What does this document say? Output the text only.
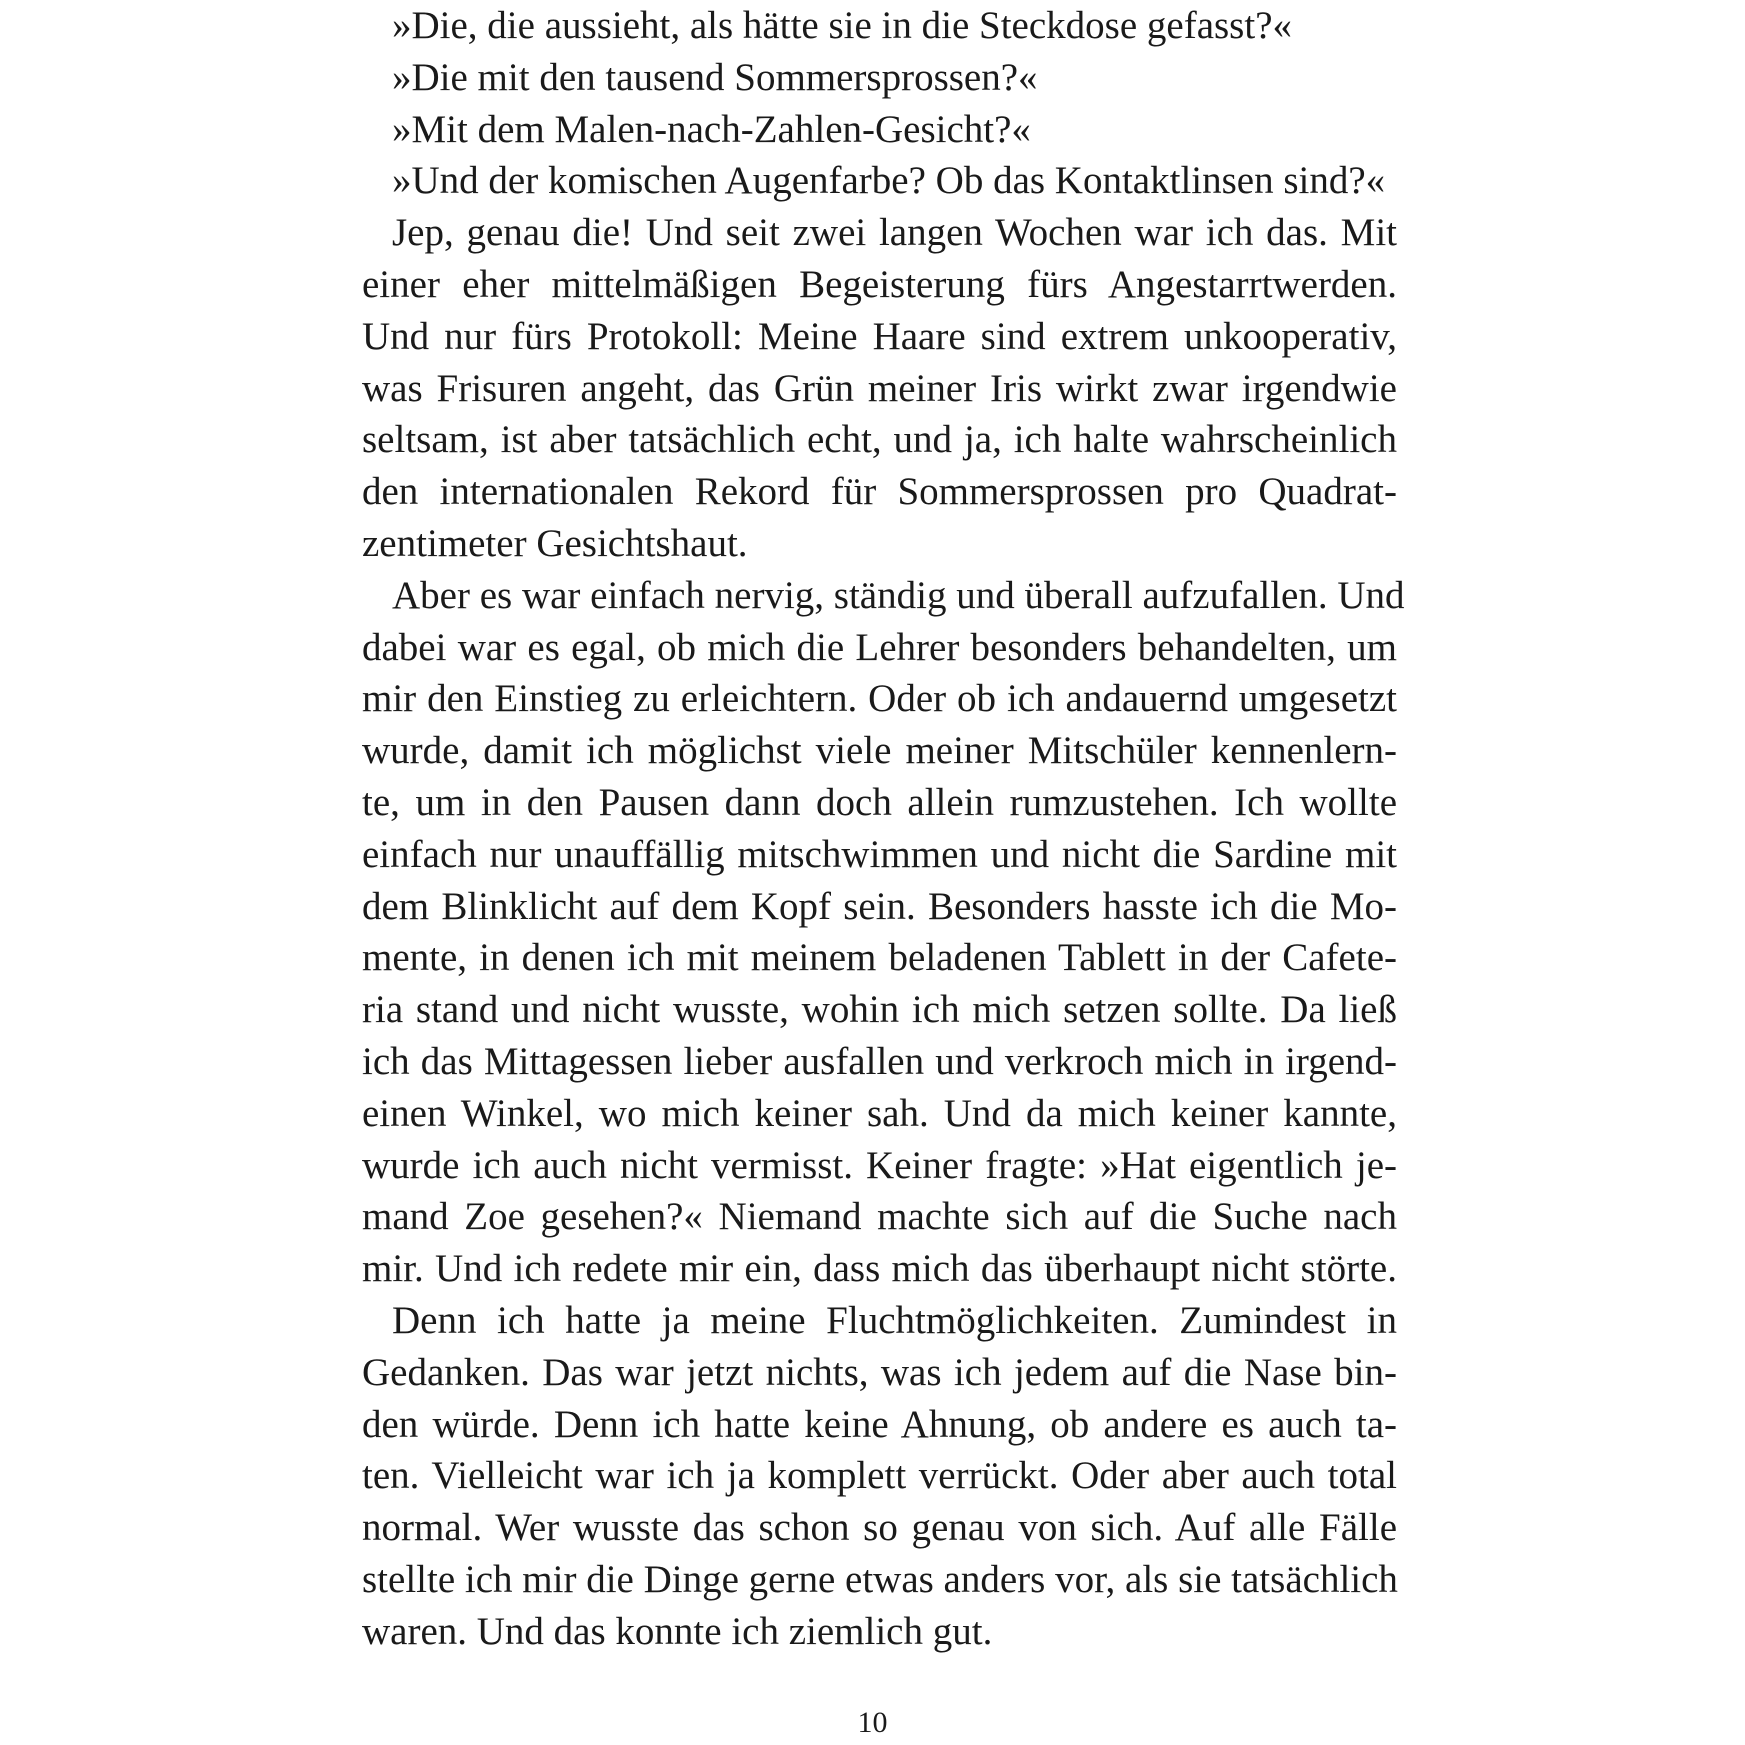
»Die, die aussieht, als hätte sie in die Steckdose gefasst?«
»Die mit den tausend Sommersprossen?«
»Mit dem Malen-nach-Zahlen-Gesicht?«
»Und der komischen Augenfarbe? Ob das Kontaktlinsen sind?«
Jep, genau die! Und seit zwei langen Wochen war ich das. Mit
einer eher mittelmäßigen Begeisterung fürs Angestarrtwerden.
Und nur fürs Protokoll: Meine Haare sind extrem unkooperativ,
was Frisuren angeht, das Grün meiner Iris wirkt zwar irgendwie
seltsam, ist aber tatsächlich echt, und ja, ich halte wahrscheinlich
den internationalen Rekord für Sommersprossen pro Quadrat-
zentimeter Gesichtshaut.
Aber es war einfach nervig, ständig und überall aufzufallen. Und
dabei war es egal, ob mich die Lehrer besonders behandelten, um
mir den Einstieg zu erleichtern. Oder ob ich andauernd umgesetzt
wurde, damit ich möglichst viele meiner Mitschüler kennenlern-
te, um in den Pausen dann doch allein rumzustehen. Ich wollte
einfach nur unauffällig mitschwimmen und nicht die Sardine mit
dem Blinklicht auf dem Kopf sein. Besonders hasste ich die Mo-
mente, in denen ich mit meinem beladenen Tablett in der Cafete-
ria stand und nicht wusste, wohin ich mich setzen sollte. Da ließ
ich das Mittagessen lieber ausfallen und verkroch mich in irgend-
einen Winkel, wo mich keiner sah. Und da mich keiner kannte,
wurde ich auch nicht vermisst. Keiner fragte: »Hat eigentlich je-
mand Zoe gesehen?« Niemand machte sich auf die Suche nach
mir. Und ich redete mir ein, dass mich das überhaupt nicht störte.
Denn ich hatte ja meine Fluchtmöglichkeiten. Zumindest in
Gedanken. Das war jetzt nichts, was ich jedem auf die Nase bin-
den würde. Denn ich hatte keine Ahnung, ob andere es auch ta-
ten. Vielleicht war ich ja komplett verrückt. Oder aber auch total
normal. Wer wusste das schon so genau von sich. Auf alle Fälle
stellte ich mir die Dinge gerne etwas anders vor, als sie tatsächlich
waren. Und das konnte ich ziemlich gut.
10
